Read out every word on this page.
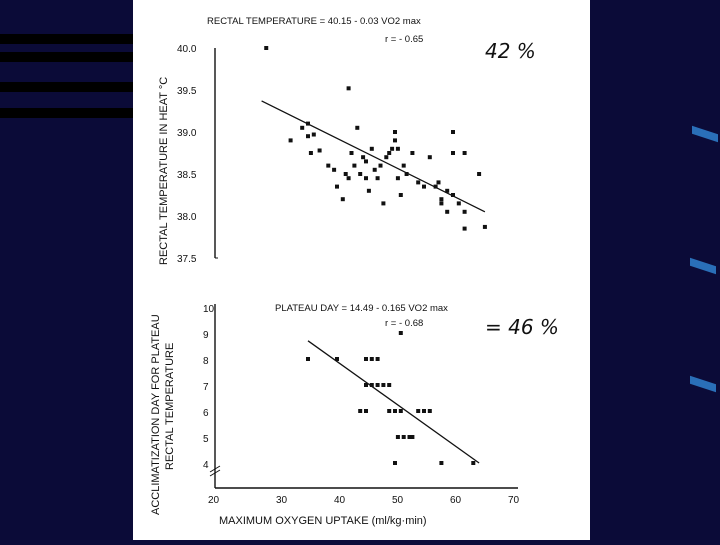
RECTAL TEMPERATURE = 40.15 - 0.03 VO2 max
r = - 0.65	42 %
RECTAL TEMPERATURE IN HEAT °C
40.0
39.5
39.0
38.5
38.0
37.5
PLATEAU DAY = 14.49 - 0.165 VO2 max
r = - 0.68	= 46 %
ACCLIMATIZATION DAY FOR PLATEAU RECTAL TEMPERATURE
10
9
8
7
6
5
4
20	30	40	50	60	70
MAXIMUM OXYGEN UPTAKE (ml/kg·min)
